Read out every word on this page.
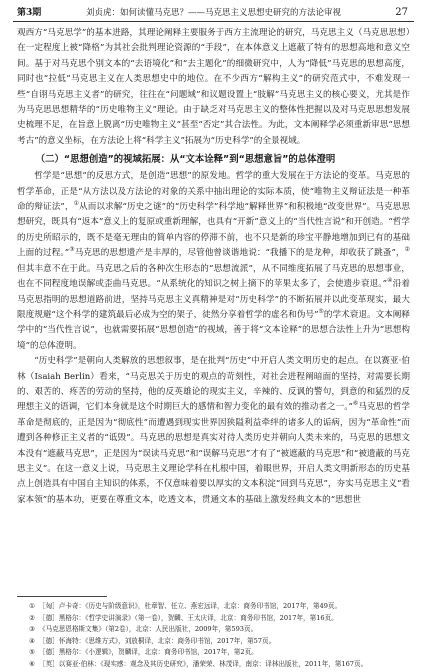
第3期	刘贞虎：如何读懂马克思？——马克思主义思想史研究的方法论审视	27

观西方“马克思学”的基本进路，其理论阐释主要服务于西方主流理论的研究，马克思主义（马克思思想）在一定程度上被“降格”为其社会批判理论资源的“手段”，在本体意义上遮蔽了特有的思想高地和意义空间。基于对马克思个别文本的“去语境化”和“去主题化”的细微研究中，人为“降低”马克思的思想高度，同时也“拉低”马克思主义在人类思想史中的地位。在不少西方“解构主义”的研究范式中，不难发现一些“自诩马克思主义者”的研究，往往在“问题域”和议题设置上“肢解”马克思主义的核心要义，尤其是作为马克思思想精华的“历史唯物主义”理论。由于缺乏对马克思主义的整体性把握以及对马克思思想发展史梳理不足，在旨意上脱离“历史唯物主义”甚至“否定”其合法性。为此，文本阐释学必须重新审思“思想考古”的意义坐标，在方法论上将“科学主义”拓展为“历史科学”的全景视域。

（二）“思想创造”的视域拓展：从“文本诠释”到“思想意旨”的总体澄明

哲学是“思想”的反思方式，是创造“思想”的原发地。哲学的重大发展在于方法论的变革。马克思的哲学革命，正是“从方法以及方法论的对象的关系中抽出理论的实际本质，使“唯物主义辩证法是一种革命的辩证法”，①从而以求解“历史之谜”的“历史科学”科学地“解释世界”和积极地“改变世界”。马克思思想研究，既具有“返本”意义上的复原或重新理解，也具有“开新”意义上的“当代性言说”和开创造。“哲学的历史所昭示的，既不是毫无理由的简单内容的停滞不前，也不只是新的珍宝平静地增加到已有的基础上面的过程。”③马克思的思想遗产是丰厚的，尽管他曾谈谐地说：“我播下的是龙种，却收获了跳蚤”，②但其丰意不在于此。马克思之后的各种次生形态的“思想流派”，从不同维度拓展了马克思的思想事业，也在不同程度地误解或歪曲马克思。“从系统化的知识之树上摘下的苹果太多了，会使遗步衰退。”④沿着马克思指明的思想道路前进，坚持马克思主义真精神是对“历史科学”的不断拓展并以此变革现实，最大限度规避“这个科学的建筑最后必成为空的架子，徒然分享着哲学的虚名和伪号”⑤的学术衰退。文本阐释学中的“当代性言说”，也就需要拓展“思想创造”的视域，善于将“文本诠释”的思想合法性上升为“思想构境”的总体澄明。

“历史科学”是朝向人类解放的思想叙事，是在批判“历史”中开启人类文明历史的起点。在以赛亚·伯林（Isaiah Berlin）看来，“马克思关于历史的观点的苛刻性，对社会进程阐暗面的坚持，对需要长期的、艰苦的、疼苦的劳动的坚持，他的反英雄论的现实主义，辛辣的、反讽的警句，到意的和猛烈的反理想主义的语调，它们本身就是这个时期巨大的感情和智力变化的最有效的推动者之一。”⑥马克思的哲学革命是彻底的，正是因为“彻底性”而遭遇到现实世界因狭隘利益牵绊的诸多人的诟病，因为“革命性”而遭到各种修正主义者的“诋毁”。马克思的思想是真实对待人类历史并朝向人类未来的，马克思的思想文本没有“遮蔽马克思”，正是因为“误读马克思”和“误解马克思”才有了“被遮蔽的马克思”和“被遗蔽的马克思主义”。在这一意义上说，马克思主义理论学科在札根中国，着眼世界，开启人类文明新形态的历史基点上创造具有中国自主知识的体系，不仅意味着要以厚实的文本积淀“回到马克思”，夯实马克思主义“看家本领”的基本功，更要在尊重文本，吃透文本，贯通文本的基础上激发经典文本的“思想世

① ［匈］卢卡奇：《历史与阶级意识》，杜章智、任立、燕宏远译，北京：商务印书馆，2017年，第49页。
② ［德］黑格尔：《哲学史讲演录》（第一卷），贺麟、王太庆译，北京：商务印书馆，2017年，第16页。
③ 《马克思恩格斯文集》（第2卷），北京：人民出版社，2009年，第593页。
④ ［德］怀海特：《思维方式》，刘放桐译，北京：商务印书馆，2017年，第57页。
⑤ ［德］黑格尔：《小逻辑》，贺麟译，北京：商务印书馆，2017年，第2页。
⑥ ［英］以赛亚·伯林：《现实感：观念及其历史研究》，潘荣荣、林茂译，南京：译林出版社，2011年，第167页。
